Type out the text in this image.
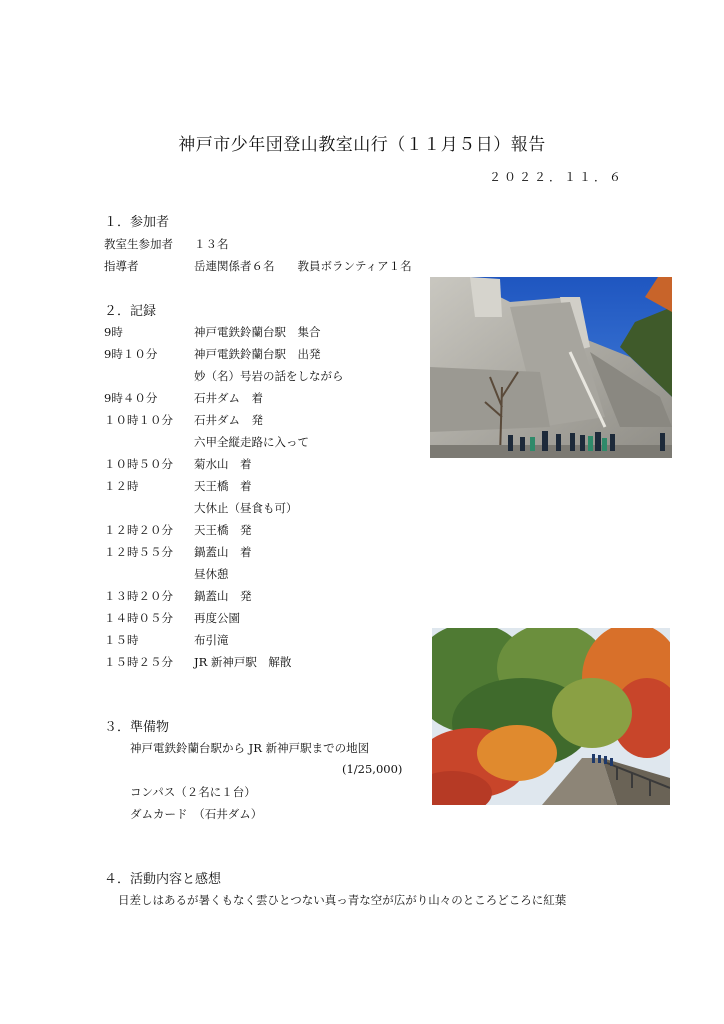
神戸市少年団登山教室山行（１１月５日）報告
２０２２．１１．６
１．参加者
教室生参加者 １３名
指導者	岳連関係者６名　　教員ボランティア１名
２．記録
9時	神戸電鉄鈴蘭台駅　集合
9時１０分	神戸電鉄鈴蘭台駅　出発
妙（名）号岩の話をしながら
9時４０分	石井ダム　着
１０時１０分 石井ダム　発
六甲全縦走路に入って
１０時５０分 菊水山　着
１２時	天王橋　着
大休止（昼食も可）
１２時２０分 天王橋　発
１２時５５分 鍋蓋山　着
昼休憩
１３時２０分 鍋蓋山　発
１４時０５分 再度公園
１５時	布引滝
１５時２５分 JR 新神戸駅　解散
３．準備物
神戸電鉄鈴蘭台駅から JR 新神戸駅までの地図
(1/25,000)
コンパス（２名に１台）
ダムカード　（石井ダム）
４．活動内容と感想
日差しはあるが暑くもなく雲ひとつない真っ青な空が広がり山々のところどころに紅葉
